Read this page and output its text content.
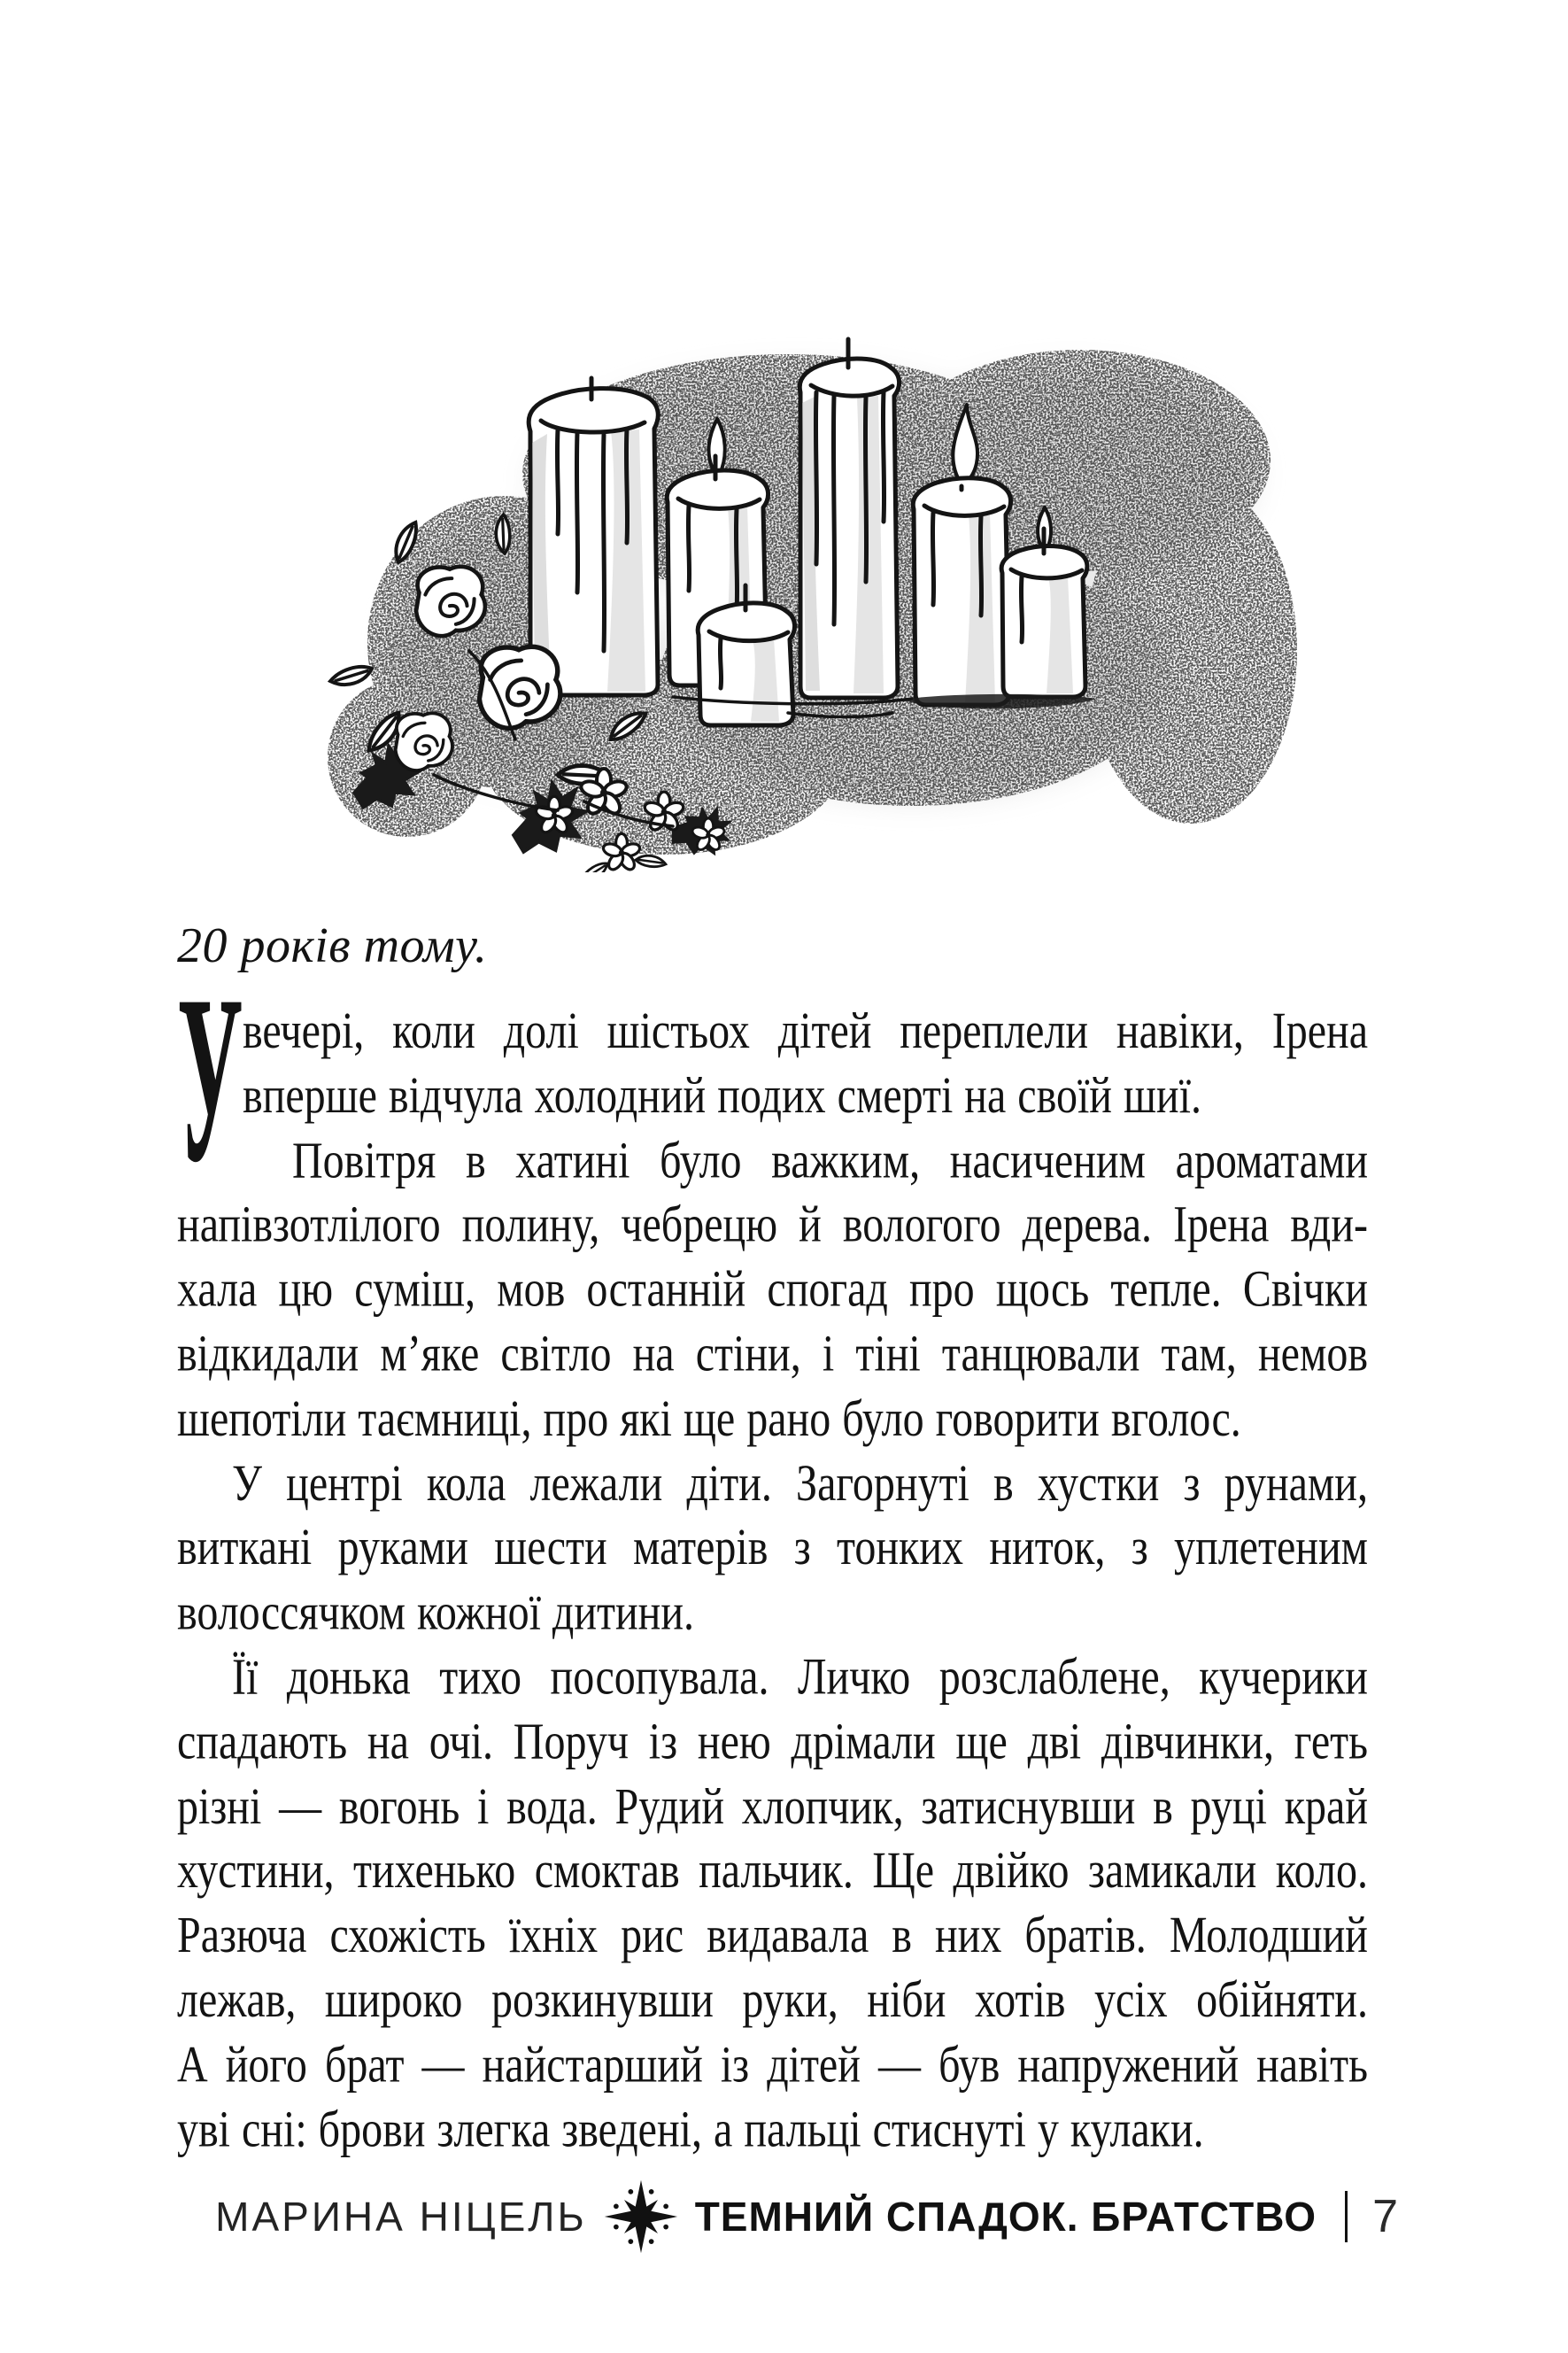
20 років тому.
У вечері, коли долі шістьох дітей переплели навіки, Ірена
вперше відчула холодний подих смерті на своїй шиї.
Повітря в хатині було важким, насиченим ароматами
напівзотлілого полину, чебрецю й вологого дерева. Ірена вди-
хала цю суміш, мов останній спогад про щось тепле. Свічки
відкидали м’яке світло на стіни, і тіні танцювали там, немов
шепотіли таємниці, про які ще рано було говорити вголос.
У центрі кола лежали діти. Загорнуті в хустки з рунами,
виткані руками шести матерів з тонких ниток, з уплетеним
волоссячком кожної дитини.
Її донька тихо посопувала. Личко розслаблене, кучерики
спадають на очі. Поруч із нею дрімали ще дві дівчинки, геть
різні — вогонь і вода. Рудий хлопчик, затиснувши в руці край
хустини, тихенько смоктав пальчик. Ще двійко замикали коло.
Разюча схожість їхніх рис видавала в них братів. Молодший
лежав, широко розкинувши руки, ніби хотів усіх обійняти.
А його брат — найстарший із дітей — був напружений навіть
уві сні: брови злегка зведені, а пальці стиснуті у кулаки.
МАРИНА НІЦЕЛЬ	ТЕМНИЙ СПАДОК. БРАТСТВО 7
